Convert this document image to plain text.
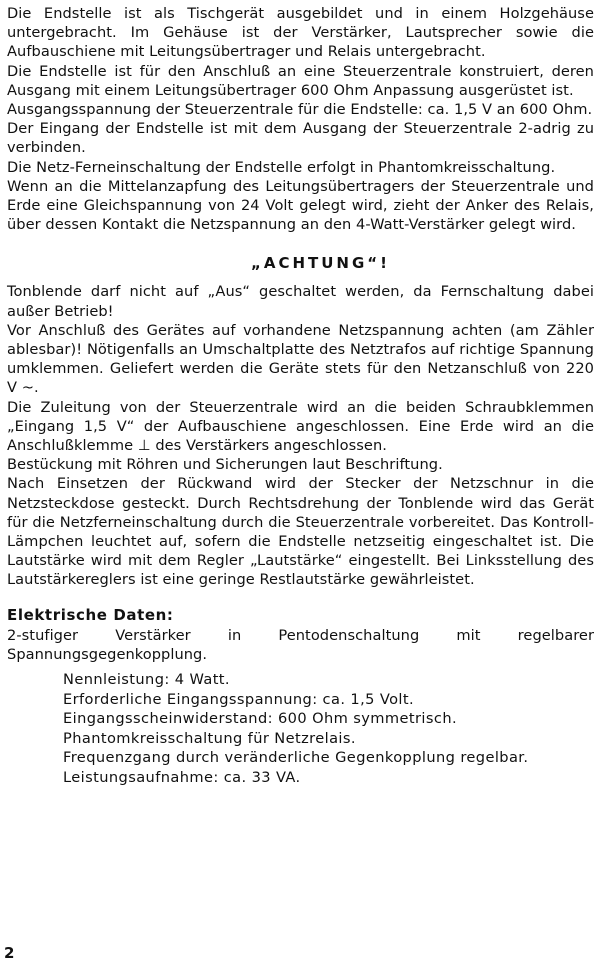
Die Endstelle ist als Tischgerät ausgebildet und in einem Holzgehäuse untergebracht. Im Gehäuse ist der Verstärker, Lautsprecher sowie die Aufbauschiene mit Leitungsübertrager und Relais untergebracht.

Die Endstelle ist für den Anschluß an eine Steuerzentrale konstruiert, deren Ausgang mit einem Leitungsübertrager 600 Ohm Anpassung ausgerüstet ist.

Ausgangsspannung der Steuerzentrale für die Endstelle: ca. 1,5 V an 600 Ohm.

Der Eingang der Endstelle ist mit dem Ausgang der Steuerzentrale 2-adrig zu verbinden.

Die Netz-Ferneinschaltung der Endstelle erfolgt in Phantomkreisschaltung.

Wenn an die Mittelanzapfung des Leitungsübertragers der Steuerzentrale und Erde eine Gleichspannung von 24 Volt gelegt wird, zieht der Anker des Relais, über dessen Kontakt die Netzspannung an den 4-Watt-Verstärker gelegt wird.

„ACHTUNG“!

Tonblende darf nicht auf „Aus“ geschaltet werden, da Fernschaltung dabei außer Betrieb!

Vor Anschluß des Gerätes auf vorhandene Netzspannung achten (am Zähler ablesbar)! Nötigenfalls an Umschaltplatte des Netztrafos auf richtige Spannung umklemmen. Geliefert werden die Geräte stets für den Netzanschluß von 220 V ∼.

Die Zuleitung von der Steuerzentrale wird an die beiden Schraubklemmen „Eingang 1,5 V“ der Aufbauschiene angeschlossen. Eine Erde wird an die Anschlußklemme ⊥ des Verstärkers angeschlossen.

Bestückung mit Röhren und Sicherungen laut Beschriftung.

Nach Einsetzen der Rückwand wird der Stecker der Netzschnur in die Netzsteckdose gesteckt. Durch Rechtsdrehung der Tonblende wird das Gerät für die Netzferneinschaltung durch die Steuerzentrale vorbereitet. Das Kontroll-Lämpchen leuchtet auf, sofern die Endstelle netzseitig eingeschaltet ist. Die Lautstärke wird mit dem Regler „Lautstärke“ eingestellt. Bei Linksstellung des Lautstärkereglers ist eine geringe Restlautstärke gewährleistet.

Elektrische Daten:

2-stufiger Verstärker in Pentodenschaltung mit regelbarer Spannungsgegenkopplung.

Nennleistung: 4 Watt.
Erforderliche Eingangsspannung: ca. 1,5 Volt.
Eingangsscheinwiderstand: 600 Ohm symmetrisch.
Phantomkreisschaltung für Netzrelais.
Frequenzgang durch veränderliche Gegenkopplung regelbar.
Leistungsaufnahme: ca. 33 VA.
2
